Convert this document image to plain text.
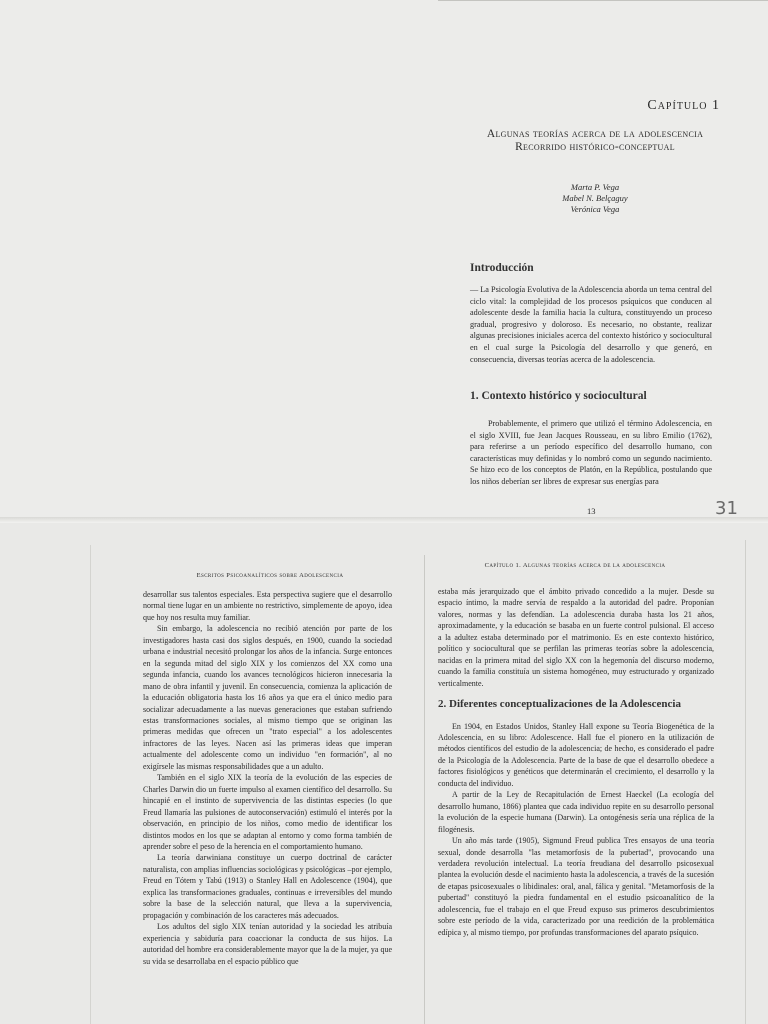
Capítulo 1
Algunas teorías acerca de la adolescencia
Recorrido histórico-conceptual
Marta P. Vega
Mabel N. Belçaguy
Verónica Vega
Introducción
— La Psicología Evolutiva de la Adolescencia aborda un tema central del ciclo vital: la complejidad de los procesos psíquicos que conducen al adolescente desde la familia hacia la cultura, constituyendo un proceso gradual, progresivo y doloroso. Es necesario, no obstante, realizar algunas precisiones iniciales acerca del contexto histórico y sociocultural en el cual surge la Psicología del desarrollo y que generó, en consecuencia, diversas teorías acerca de la adolescencia.
1. Contexto histórico y sociocultural
Probablemente, el primero que utilizó el término Adolescencia, en el siglo XVIII, fue Jean Jacques Rousseau, en su libro Emilio (1762), para referirse a un período específico del desarrollo humano, con características muy definidas y lo nombró como un segundo nacimiento. Se hizo eco de los conceptos de Platón, en la República, postulando que los niños deberían ser libres de expresar sus energías para
13	31
Escritos Psicoanalíticos sobre Adolescencia

desarrollar sus talentos especiales. Esta perspectiva sugiere que el desarrollo normal tiene lugar en un ambiente no restrictivo, simplemente de apoyo, idea que hoy nos resulta muy familiar.

Sin embargo, la adolescencia no recibió atención por parte de los investigadores hasta casi dos siglos después, en 1900, cuando la sociedad urbana e industrial necesitó prolongar los años de la infancia. Surge entonces en la segunda mitad del siglo XIX y los comienzos del XX como una segunda infancia, cuando los avances tecnológicos hicieron innecesaria la mano de obra infantil y juvenil. En consecuencia, comienza la aplicación de la educación obligatoria hasta los 16 años ya que era el único medio para socializar adecuadamente a las nuevas generaciones que estaban sufriendo estas transformaciones sociales, al mismo tiempo que se originan las primeras medidas que ofrecen un "trato especial" a los adolescentes infractores de las leyes. Nacen así las primeras ideas que imperan actualmente del adolescente como un individuo "en formación", al no exigírsele las mismas responsabilidades que a un adulto.

También en el siglo XIX la teoría de la evolución de las especies de Charles Darwin dio un fuerte impulso al examen científico del desarrollo. Su hincapié en el instinto de supervivencia de las distintas especies (lo que Freud llamaría las pulsiones de autoconservación) estimuló el interés por la observación, en principio de los niños, como medio de identificar los distintos modos en los que se adaptan al entorno y como forma también de aprender sobre el peso de la herencia en el comportamiento humano.

La teoría darwiniana constituye un cuerpo doctrinal de carácter naturalista, con amplias influencias sociológicas y psicológicas –por ejemplo, Freud en Tótem y Tabú (1913) o Stanley Hall en Adolescence (1904), que explica las transformaciones graduales, continuas e irreversibles del mundo sobre la base de la selección natural, que lleva a la supervivencia, propagación y combinación de los caracteres más adecuados.

Los adultos del siglo XIX tenían autoridad y la sociedad les atribuía experiencia y sabiduría para coaccionar la conducta de sus hijos. La autoridad del hombre era considerablemente mayor que la de la mujer, ya que su vida se desarrollaba en el espacio público que

Capítulo 1. Algunas teorías acerca de la adolescencia

estaba más jerarquizado que el ámbito privado concedido a la mujer. Desde su espacio íntimo, la madre servía de respaldo a la autoridad del padre. Proponían valores, normas y las defendían. La adolescencia duraba hasta los 21 años, aproximadamente, y la educación se basaba en un fuerte control pulsional. El acceso a la adultez estaba determinado por el matrimonio. Es en este contexto histórico, político y sociocultural que se perfilan las primeras teorías sobre la adolescencia, nacidas en la primera mitad del siglo XX con la hegemonía del discurso moderno, cuando la familia constituía un sistema homogéneo, muy estructurado y organizado verticalmente.

2. Diferentes conceptualizaciones de la Adolescencia

En 1904, en Estados Unidos, Stanley Hall expone su Teoría Biogenética de la Adolescencia, en su libro: Adolescence. Hall fue el pionero en la utilización de métodos científicos del estudio de la adolescencia; de hecho, es considerado el padre de la Psicología de la Adolescencia. Parte de la base de que el desarrollo obedece a factores fisiológicos y genéticos que determinarán el crecimiento, el desarrollo y la conducta del individuo.

A partir de la Ley de Recapitulación de Ernest Haeckel (La ecología del desarrollo humano, 1866) plantea que cada individuo repite en su desarrollo personal la evolución de la especie humana (Darwin). La ontogénesis sería una réplica de la filogénesis.

Un año más tarde (1905), Sigmund Freud publica Tres ensayos de una teoría sexual, donde desarrolla "las metamorfosis de la pubertad", provocando una verdadera revolución intelectual. La teoría freudiana del desarrollo psicosexual plantea la evolución desde el nacimiento hasta la adolescencia, a través de la sucesión de etapas psicosexuales o libidinales: oral, anal, fálica y genital. "Metamorfosis de la pubertad" constituyó la piedra fundamental en el estudio psicoanalítico de la adolescencia, fue el trabajo en el que Freud expuso sus primeros descubrimientos sobre este período de la vida, caracterizado por una reedición de la problemática edípica y, al mismo tiempo, por profundas transformaciones del aparato psíquico.
